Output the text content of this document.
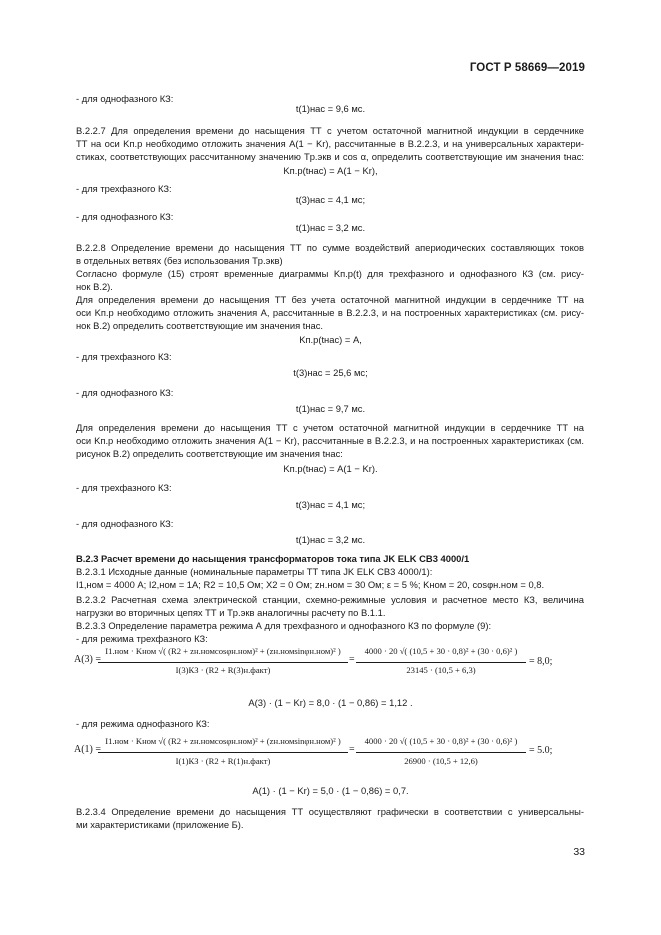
ГОСТ Р 58669—2019
- для однофазного КЗ:
t(1)нас = 9,6 мс.
В.2.2.7 Для определения времени до насыщения ТТ с учетом остаточной магнитной индукции в сердечнике
ТТ на оси Kп.р необходимо отложить значения A(1 − Kr), рассчитанные в В.2.2.3, и на универсальных характери-
стиках, соответствующих рассчитанному значению Tр.экв и cos α, определить соответствующие им значения tнас:
Kп.р(tнас) = A(1 − Kr),
- для трехфазного КЗ:
t(3)нас = 4,1 мс;
- для однофазного КЗ:
t(1)нас = 3,2 мс.
В.2.2.8 Определение времени до насыщения ТТ по сумме воздействий апериодических составляющих токов
в отдельных ветвях (без использования Tр.экв)
Согласно формуле (15) строят временные диаграммы Kп.р(t) для трехфазного и однофазного КЗ (см. рису-
нок В.2).
Для определения времени до насыщения ТТ без учета остаточной магнитной индукции в сердечнике ТТ на
оси Kп.р необходимо отложить значения A, рассчитанные в В.2.2.3, и на построенных характеристиках (см. рису-
нок В.2) определить соответствующие им значения tнас.
Kп.р(tнас) = A,
- для трехфазного КЗ:
t(3)нас = 25,6 мс;
- для однофазного КЗ:
t(1)нас = 9,7 мс.
Для определения времени до насыщения ТТ с учетом остаточной магнитной индукции в сердечнике ТТ на
оси Kп.р необходимо отложить значения A(1 − Kr), рассчитанные в В.2.2.3, и на построенных характеристиках (см.
рисунок В.2) определить соответствующие им значения tнас:
Kп.р(tнас) = A(1 − Kr).
- для трехфазного КЗ:
t(3)нас = 4,1 мс;
- для однофазного КЗ:
t(1)нас = 3,2 мс.
В.2.3 Расчет времени до насыщения трансформаторов тока типа JK ELK CB3 4000/1
В.2.3.1 Исходные данные (номинальные параметры ТТ типа JK ELK CB3 4000/1):
I1,ном = 4000 А; I2,ном = 1А; R2 = 10,5 Ом; X2 = 0 Ом; zн.ном = 30 Ом; ε = 5 %; Kном = 20, cosφн.ном = 0,8.
В.2.3.2 Расчетная схема электрической станции, схемно-режимные условия и расчетное место КЗ, величина
нагрузки во вторичных цепях ТТ и Tр.экв аналогичны расчету по В.1.1.
В.2.3.3 Определение параметра режима А для трехфазного и однофазного КЗ по формуле (9):
- для режима трехфазного КЗ:
A(3) =
I1.ном · Kном √( (R2 + zн.номcosφн.ном)² + (zн.номsinφн.ном)² )
I(3)КЗ · (R2 + R(3)н.факт)
=
4000 · 20 √( (10,5 + 30 · 0,8)² + (30 · 0,6)² )
23145 · (10,5 + 6,3)
= 8,0;
A(3) · (1 − Kr) = 8,0 · (1 − 0,86) = 1,12 .
- для режима однофазного КЗ:
A(1) =
I1.ном · Kном √( (R2 + zн.номcosφн.ном)² + (zн.номsinφн.ном)² )
I(1)КЗ · (R2 + R(1)н.факт)
=
4000 · 20 √( (10,5 + 30 · 0,8)² + (30 · 0,6)² )
26900 · (10,5 + 12,6)
= 5.0;
A(1) · (1 − Kr) = 5,0 · (1 − 0,86) = 0,7.
В.2.3.4 Определение времени до насыщения ТТ осуществляют графически в соответствии с универсальны-
ми характеристиками (приложение Б).
33
